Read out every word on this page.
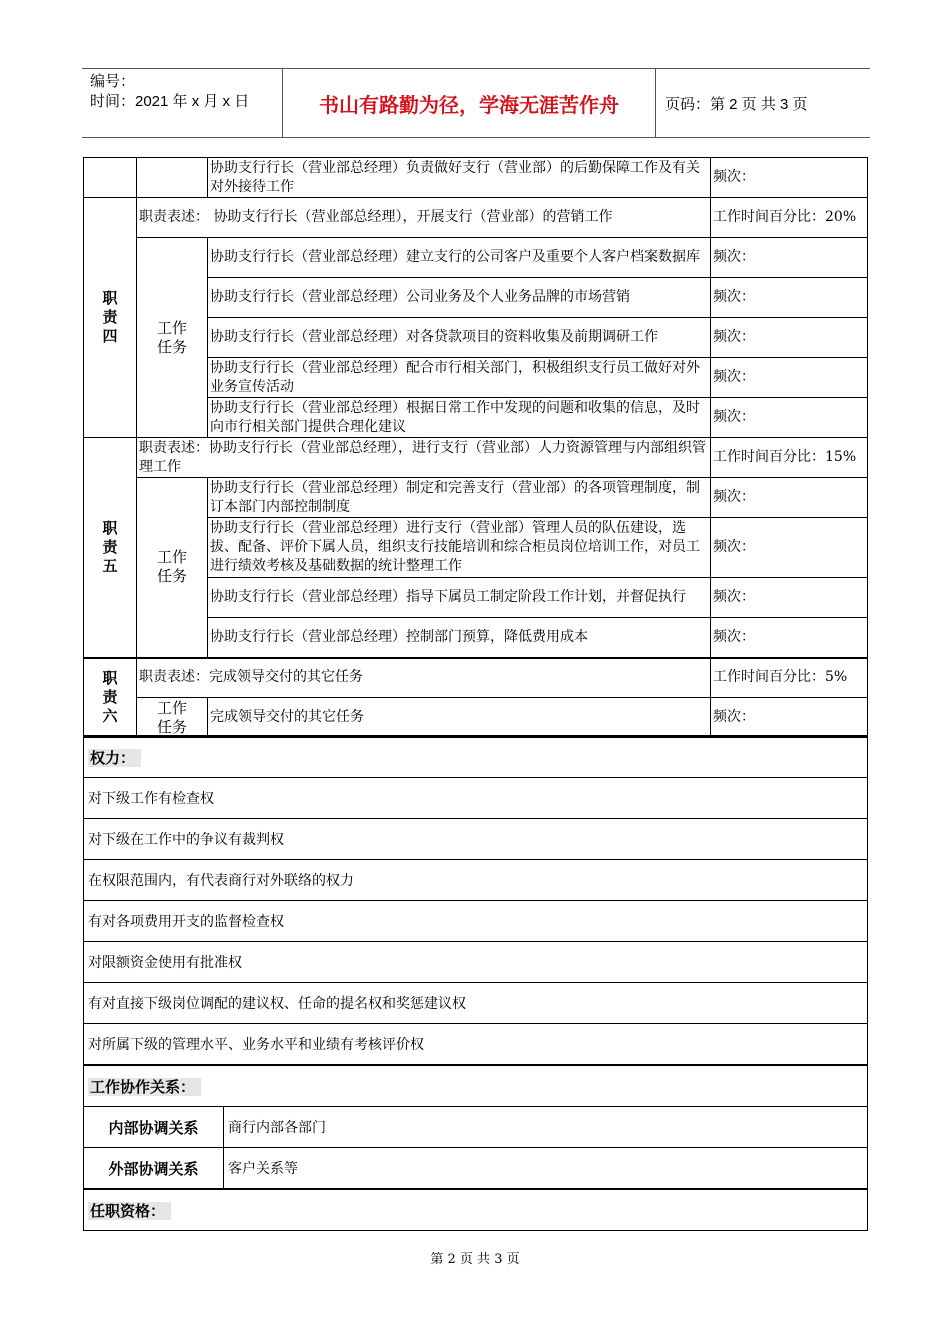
编号：
时间：2021 年 x 月 x 日	书山有路勤为径，学海无涯苦作舟	页码：第 2 页 共 3 页
		协助支行行长（营业部总经理）负责做好支行（营业部）的后勤保障工作及有关对外接待工作	频次：
职责四	职责表述： 协助支行行长（营业部总经理），开展支行（营业部）的营销工作		工作时间百分比：20%
	工作任务	协助支行行长（营业部总经理）建立支行的公司客户及重要个人客户档案数据库	频次：
		协助支行行长（营业部总经理）公司业务及个人业务品牌的市场营销	频次：
		协助支行行长（营业部总经理）对各贷款项目的资料收集及前期调研工作	频次：
		协助支行行长（营业部总经理）配合市行相关部门，积极组织支行员工做好对外业务宣传活动	频次：
		协助支行行长（营业部总经理）根据日常工作中发现的问题和收集的信息，及时向市行相关部门提供合理化建议	频次：
职责五	职责表述：协助支行行长（营业部总经理），进行支行（营业部）人力资源管理与内部组织管理工作		工作时间百分比：15%
	工作任务	协助支行行长（营业部总经理）制定和完善支行（营业部）的各项管理制度，制订本部门内部控制制度	频次：
		协助支行行长（营业部总经理）进行支行（营业部）管理人员的队伍建设，选拔、配备、评价下属人员，组织支行技能培训和综合柜员岗位培训工作，对员工进行绩效考核及基础数据的统计整理工作	频次：
		协助支行行长（营业部总经理）指导下属员工制定阶段工作计划，并督促执行	频次：
		协助支行行长（营业部总经理）控制部门预算，降低费用成本	频次：
职责六	职责表述：完成领导交付的其它任务		工作时间百分比：5%
	工作任务	完成领导交付的其它任务	频次：
权力：	
对下级工作有检查权	
对下级在工作中的争议有裁判权	
在权限范围内，有代表商行对外联络的权力	
有对各项费用开支的监督检查权	
对限额资金使用有批准权	
有对直接下级岗位调配的建议权、任命的提名权和奖惩建议权	
对所属下级的管理水平、业务水平和业绩有考核评价权	
工作协作关系：	
内部协调关系	商行内部各部门
外部协调关系	客户关系等
任职资格：	
第 2 页 共 3 页
